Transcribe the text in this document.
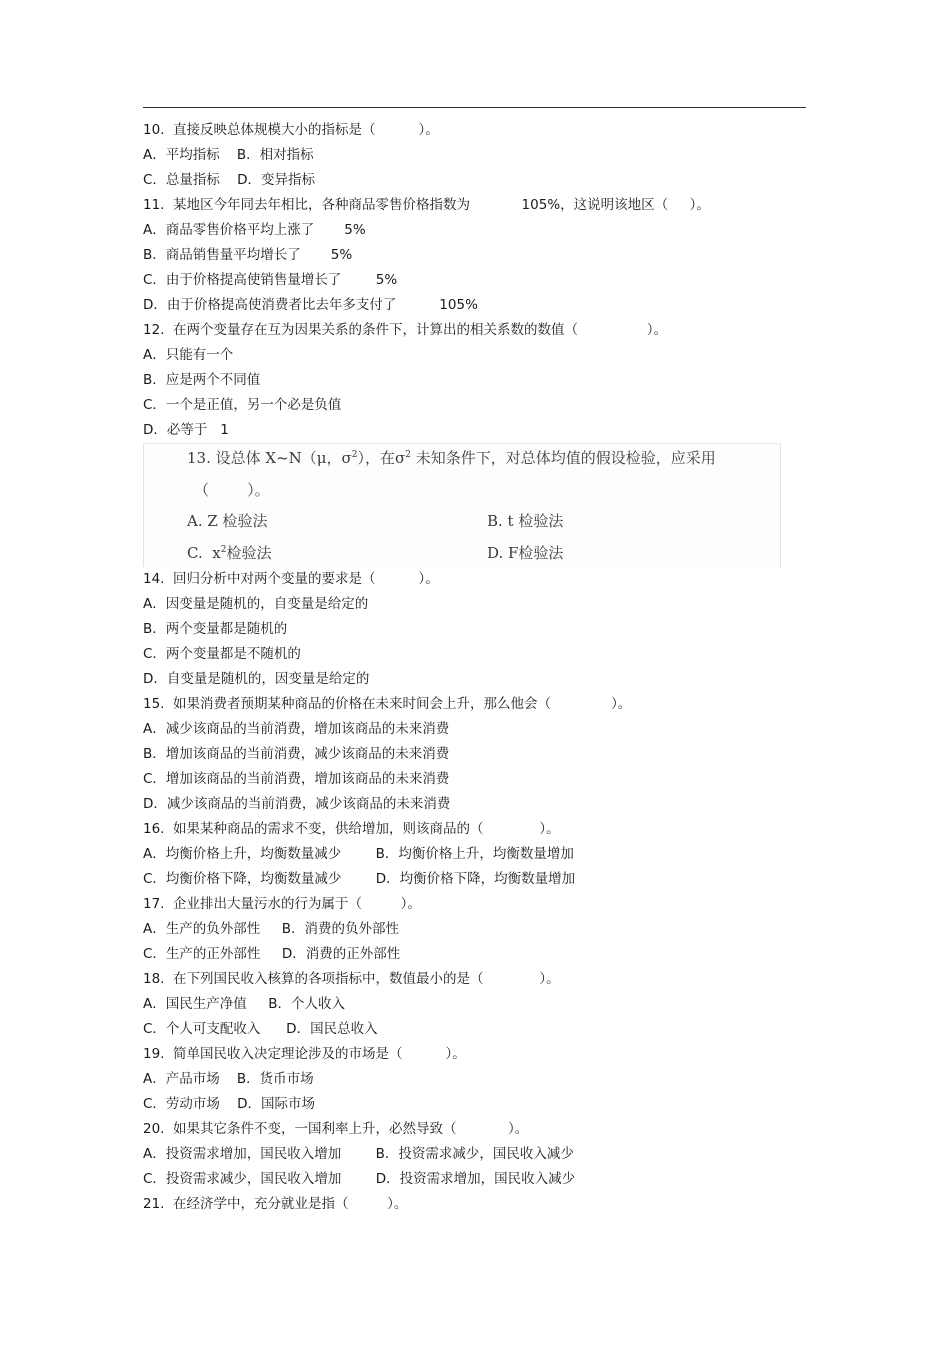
10.  直接反映总体规模大小的指标是（          ）。
A．平均指标    B．相对指标
C．总量指标    D．变异指标
11.  某地区今年同去年相比，各种商品零售价格指数为            105%，这说明该地区（     ）。
A．商品零售价格平均上涨了       5%
B．商品销售量平均增长了       5%
C．由于价格提高使销售量增长了        5%
D．由于价格提高使消费者比去年多支付了          105%
12.  在两个变量存在互为因果关系的条件下，计算出的相关系数的数值（                ）。
A．只能有一个
B．应是两个不同值
C．一个是正值，另一个必是负值
D．必等于   1
13. 设总体 X~N（μ，$\sigma^2$），在$\sigma^2$ 未知条件下，对总体均值的假设检验，应采用
（        ）。
A. Z 检验法	B. t 检验法
C.  $x^2$检验法	D. F检验法
14.  回归分析中对两个变量的要求是（          ）。
A．因变量是随机的，自变量是给定的
B．两个变量都是随机的
C．两个变量都是不随机的
D．自变量是随机的，因变量是给定的
15.  如果消费者预期某种商品的价格在未来时间会上升，那么他会（              ）。
A．减少该商品的当前消费，增加该商品的未来消费
B．增加该商品的当前消费，减少该商品的未来消费
C．增加该商品的当前消费，增加该商品的未来消费
D．减少该商品的当前消费，减少该商品的未来消费
16.  如果某种商品的需求不变，供给增加，则该商品的（             ）。
A．均衡价格上升，均衡数量减少        B．均衡价格上升，均衡数量增加
C．均衡价格下降，均衡数量减少        D．均衡价格下降，均衡数量增加
17.  企业排出大量污水的行为属于（         ）。
A．生产的负外部性     B．消费的负外部性
C．生产的正外部性     D．消费的正外部性
18.  在下列国民收入核算的各项指标中，数值最小的是（             ）。
A．国民生产净值     B．个人收入
C．个人可支配收入      D．国民总收入
19.  简单国民收入决定理论涉及的市场是（          ）。
A．产品市场    B．货币市场
C．劳动市场    D．国际市场
20.  如果其它条件不变，一国利率上升，必然导致（            ）。
A．投资需求增加，国民收入增加        B．投资需求减少，国民收入减少
C．投资需求减少，国民收入增加        D．投资需求增加，国民收入减少
21.  在经济学中，充分就业是指（         ）。
